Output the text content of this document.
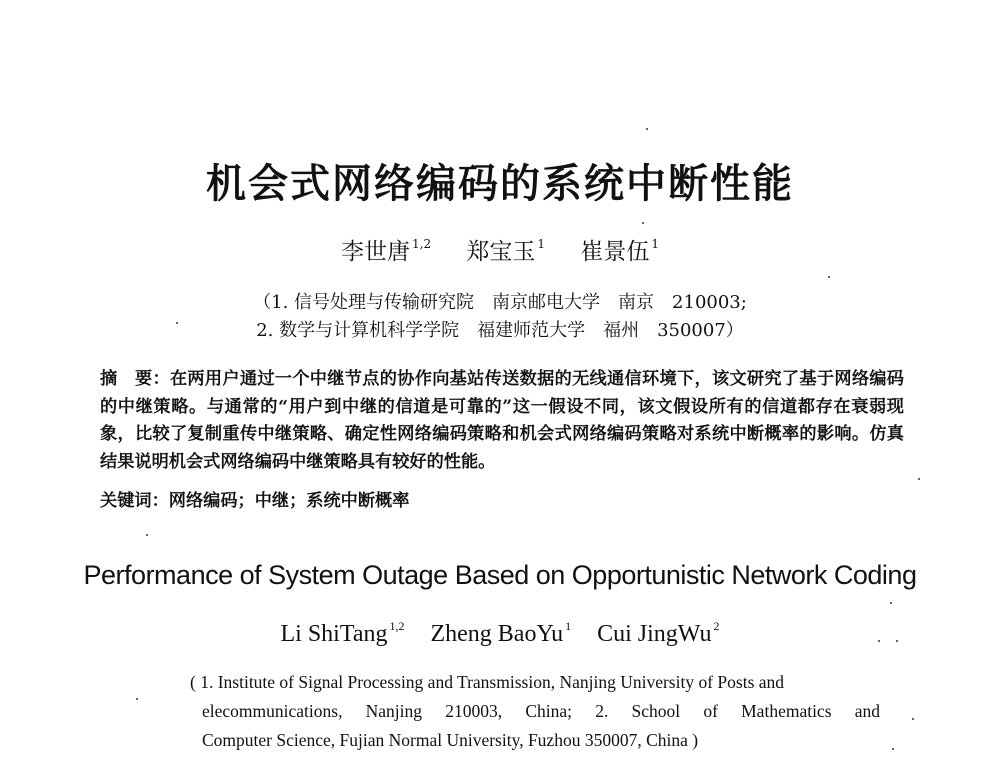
机会式网络编码的系统中断性能
李世唐 $^{1,2}$ 郑宝玉 $^1$ 崔景伍 $^1$
（1. 信号处理与传输研究院　南京邮电大学　南京　210003;
2. 数学与计算机科学学院　福建师范大学　福州　350007）
摘　要：在两用户通过一个中继节点的协作向基站传送数据的无线通信环境下，该文研究了基于网络编码的中继策略。与通常的“用户到中继的信道是可靠的”这一假设不同，该文假设所有的信道都存在衰弱现象，比较了复制重传中继策略、确定性网络编码策略和机会式网络编码策略对系统中断概率的影响。仿真结果说明机会式网络编码中继策略具有较好的性能。
关键词：网络编码；中继；系统中断概率
Performance of System Outage Based on Opportunistic Network Coding
Li ShiTang $^{1,2}$ Zheng BaoYu $^1$ Cui JingWu $^2$
( 1. Institute of Signal Processing and Transmission, Nanjing University of Posts and
elecommunications, Nanjing 210003, China; 2. School of Mathematics and
Computer Science, Fujian Normal University, Fuzhou 350007, China )
